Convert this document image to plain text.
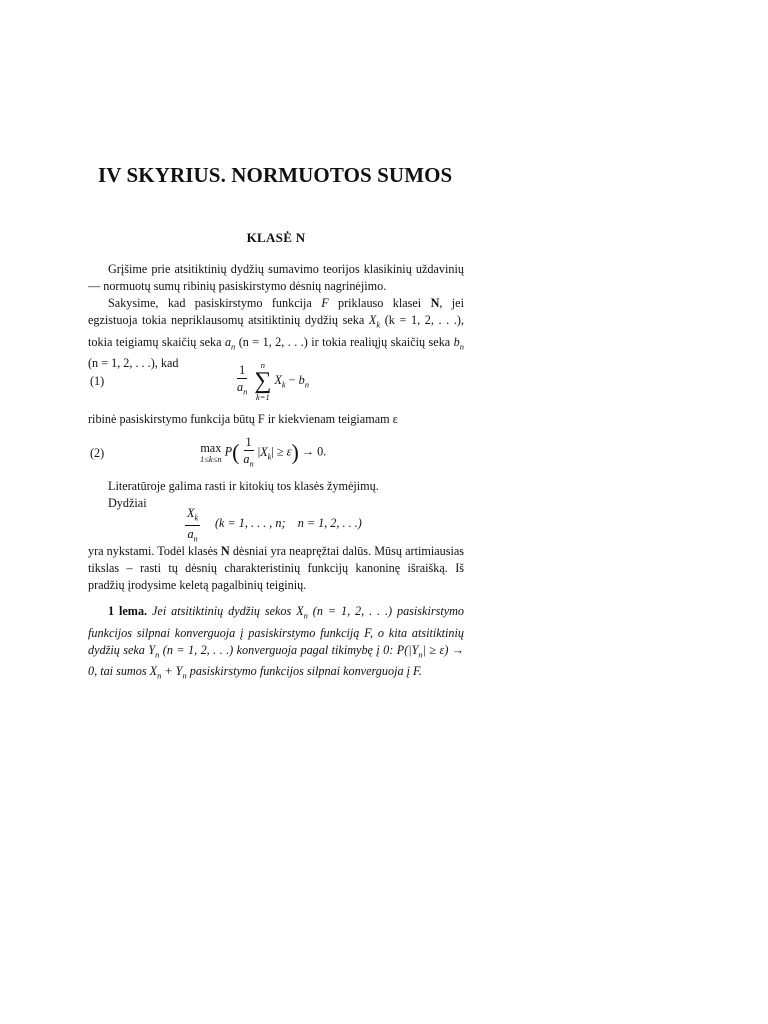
IV SKYRIUS. NORMUOTOS SUMOS
KLASĖ N
Grįšime prie atsitiktinių dydžių sumavimo teorijos klasikinių uždavinių — normuotų sumų ribinių pasiskirstymo dėsnių nagrinėjimo.
Sakysime, kad pasiskirstymo funkcija F priklauso klasei N, jei egzistuoja tokia nepriklausomų atsitiktinių dydžių seka $X_k$ (k = 1, 2, . . .), tokia teigiamų skaičių seka $a_n$ (n = 1, 2, . . .) ir tokia realiųjų skaičių seka $b_n$ (n = 1, 2, . . .), kad
(1)	$\frac{1}{a_n}$ n
∑
k=1
$X_k - b_n$
ribinė pasiskirstymo funkcija būtų F ir kiekvienam teigiamam ε
(2)	max
1≤k≤n
$P( \frac{1}{a_n} |X_k| \ge \varepsilon) \to 0$.
Literatūroje galima rasti ir kitokių tos klasės žymėjimų.
Dydžiai
$\frac{X_k}{a_n} (k = 1$, . . . , n;    n = 1, 2, . . .)
yra nykstami. Todėl klasės N dėsniai yra neapręžtai dalūs. Mūsų artimiausias tikslas – rasti tų dėsnių charakteristinių funkcijų kanoninę išraišką. Iš pradžių įrodysime keletą pagalbinių teiginių.
1 lema. Jei atsitiktinių dydžių sekos $X_n$ (n = 1, 2, . . .) pasiskirstymo funkcijos silpnai konverguoja į pasiskirstymo funkciją F, o kita atsitiktinių dydžių seka $Y_n$ (n = 1, 2, . . .) konverguoja pagal tikimybę į 0: $P(|Y_n| \ge \varepsilon) \to 0$, tai sumos $X_n + Y_n$ pasiskirstymo funkcijos silpnai konverguoja į F.
